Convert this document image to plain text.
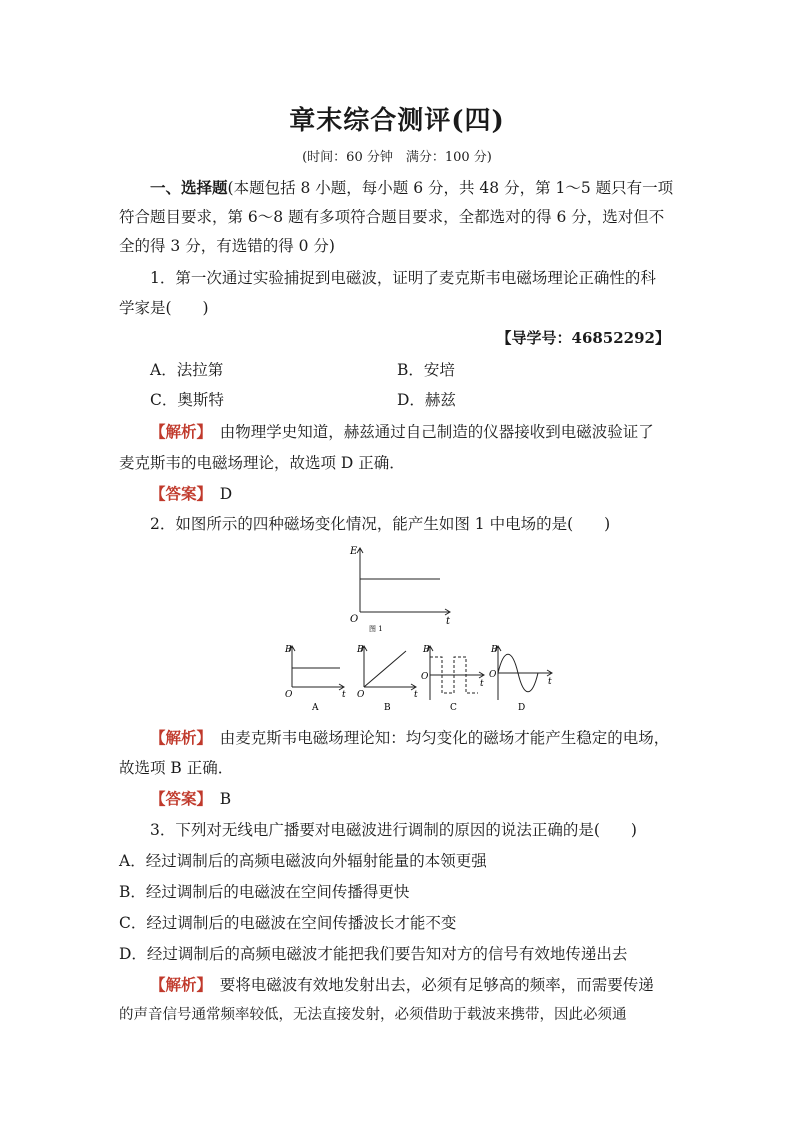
章末综合测评(四)
(时间：60 分钟　满分：100 分)
一、选择题(本题包括 8 小题，每小题 6 分，共 48 分，第 1～5 题只有一项
符合题目要求，第 6～8 题有多项符合题目要求，全都选对的得 6 分，选对但不
全的得 3 分，有选错的得 0 分)
1．第一次通过实验捕捉到电磁波，证明了麦克斯韦电磁场理论正确性的科
学家是(　　)
【导学号：46852292】
A．法拉第	B．安培
C．奥斯特	D．赫兹
【解析】　由物理学史知道，赫兹通过自己制造的仪器接收到电磁波验证了
麦克斯韦的电磁场理论，故选项 D 正确．
【答案】　D
2．如图所示的四种磁场变化情况，能产生如图 1 中电场的是(　　)
E
O	t
图 1
B
O	t
A
B
O	t
B
B
O
t
C
B
O
t
D
【解析】　由麦克斯韦电磁场理论知：均匀变化的磁场才能产生稳定的电场，
故选项 B 正确．
【答案】　B
3．下列对无线电广播要对电磁波进行调制的原因的说法正确的是(　　)
A．经过调制后的高频电磁波向外辐射能量的本领更强
B．经过调制后的电磁波在空间传播得更快
C．经过调制后的电磁波在空间传播波长才能不变
D．经过调制后的高频电磁波才能把我们要告知对方的信号有效地传递出去
【解析】　要将电磁波有效地发射出去，必须有足够高的频率，而需要传递
的声音信号通常频率较低，无法直接发射，必须借助于载波来携带，因此必须通
